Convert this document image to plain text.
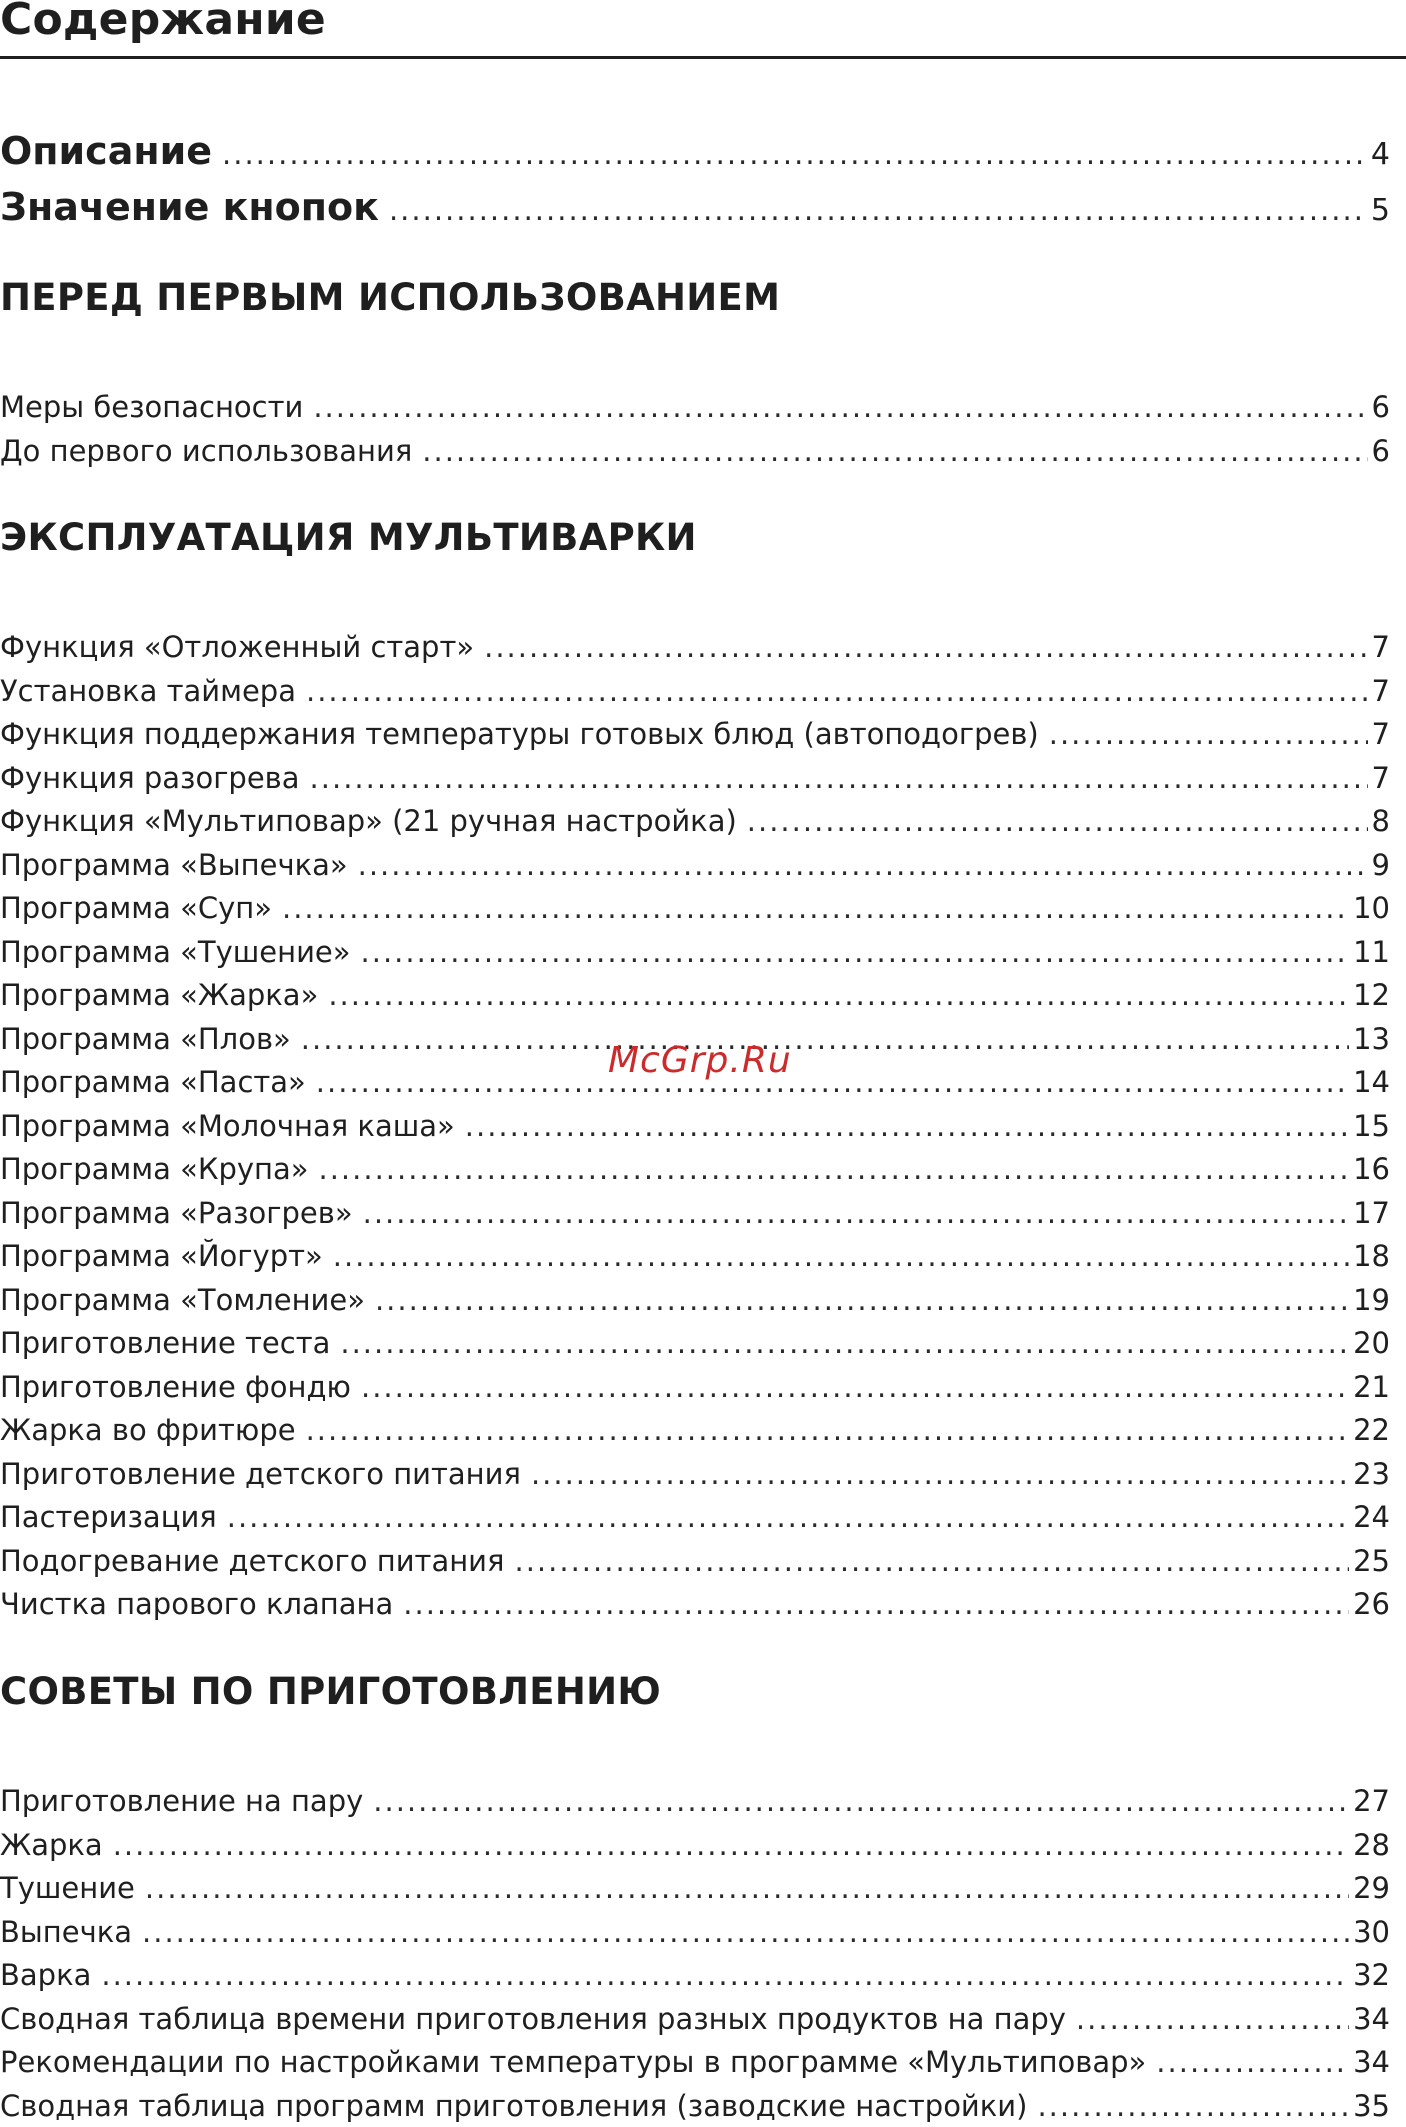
Содержание
Описание .....	4
Значение кнопок .....	5
ПЕРЕД ПЕРВЫМ ИСПОЛЬЗОВАНИЕМ
Меры безопасности .....	6
До первого использования .....	6
ЭКСПЛУАТАЦИЯ МУЛЬТИВАРКИ
Функция «Отложенный старт» .....	7
Установка таймера .....	7
Функция поддержания температуры готовых блюд (автоподогрев) .....	7
Функция разогрева .....	7
Функция «Мультиповар» (21 ручная настройка) .....	8
Программа «Выпечка» .....	9
Программа «Суп» .....	10
Программа «Тушение» .....	11
Программа «Жарка» .....	12
Программа «Плов» .....	13
Программа «Паста» .....	14
Программа «Молочная каша» .....	15
Программа «Крупа» .....	16
Программа «Разогрев» .....	17
Программа «Йогурт» .....	18
Программа «Томление» .....	19
Приготовление теста .....	20
Приготовление фондю .....	21
Жарка во фритюре .....	22
Приготовление детского питания .....	23
Пастеризация .....	24
Подогревание детского питания .....	25
Чистка парового клапана .....	26
СОВЕТЫ ПО ПРИГОТОВЛЕНИЮ
Приготовление на пару .....	27
Жарка .....	28
Тушение .....	29
Выпечка .....	30
Варка .....	32
Сводная таблица времени приготовления разных продуктов на пару .....	34
Рекомендации по настройками температуры в программе «Мультиповар» .....	34
Сводная таблица программ приготовления (заводские настройки) .....	35
McGrp.Ru
